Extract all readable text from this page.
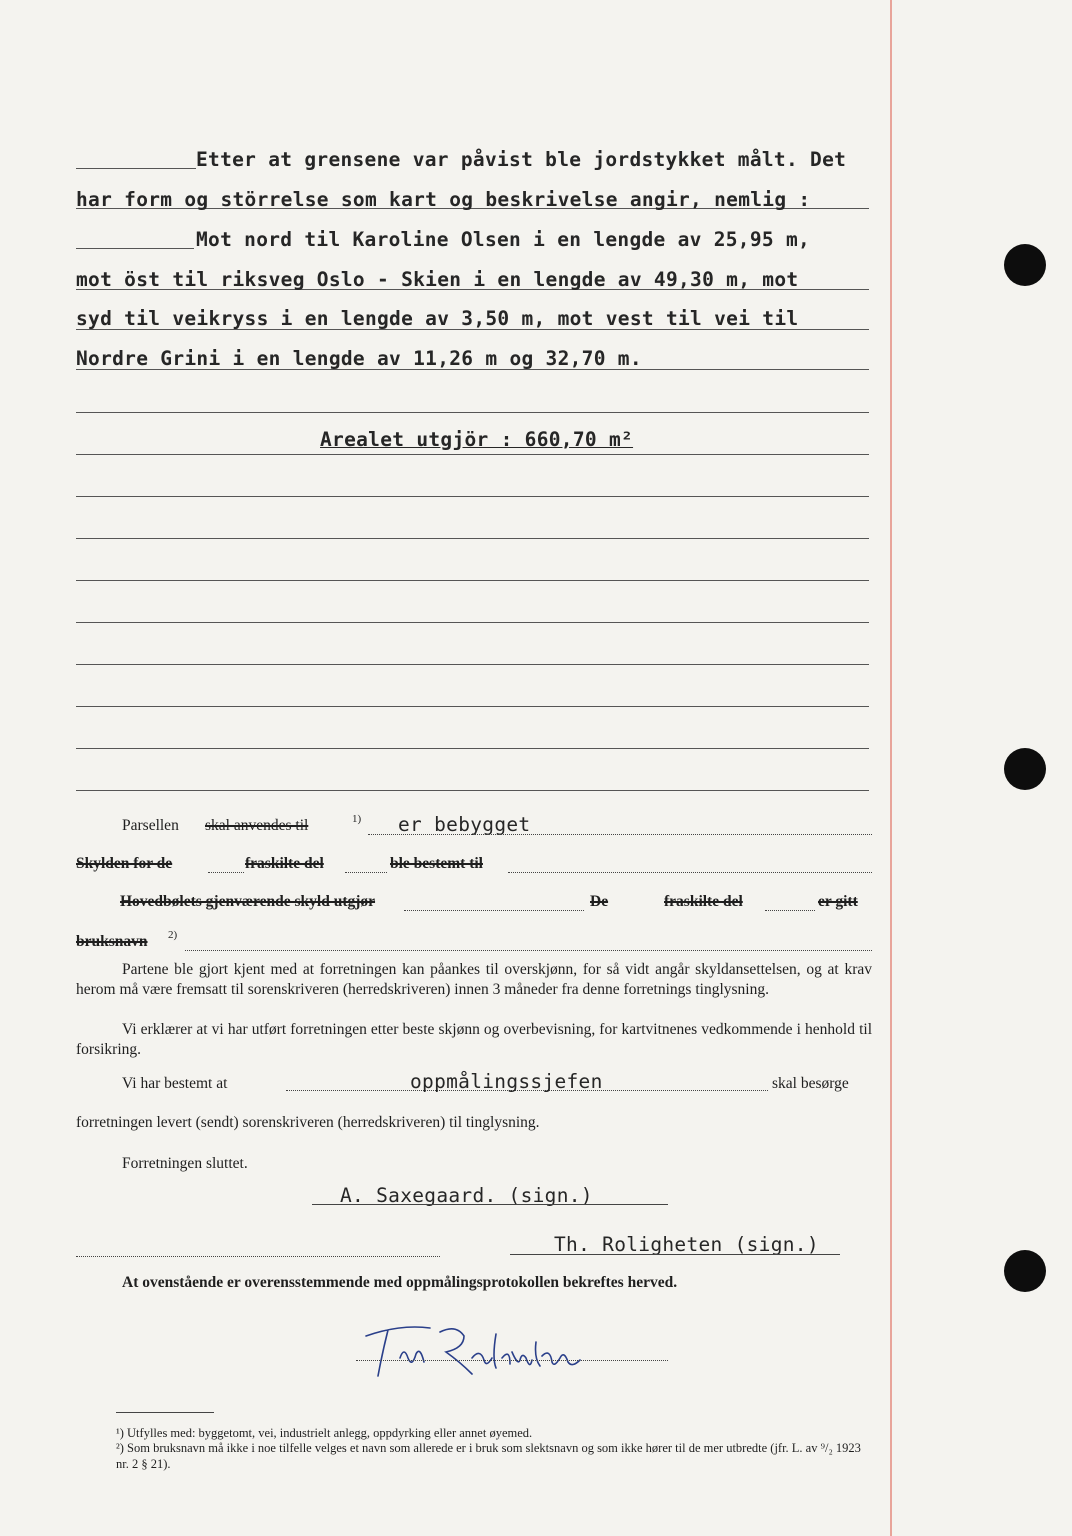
Etter at grensene var påvist ble jordstykket målt. Det
har form og störrelse som kart og beskrivelse angir, nemlig :
Mot nord til Karoline Olsen i en lengde av 25,95 m,
mot öst til riksveg Oslo - Skien i en lengde av 49,30 m, mot
syd til veikryss i en lengde av 3,50 m, mot vest til vei til
Nordre Grini i en lengde av 11,26 m og 32,70 m.
Arealet utgjör : 660,70 m²
Parsellen skal anvendes til	1) er bebygget
Skylden for de	fraskilte del	ble bestemt til
Hovedbølets gjenværende skyld utgjør	De	fraskilte del	er gitt
bruksnavn 2)
Partene ble gjort kjent med at forretningen kan påankes til overskjønn, for så vidt angår skyldansettelsen, og at krav herom må være fremsatt til sorenskriveren (herredskriveren) innen 3 måneder fra denne forretnings tinglysning.
Vi erklærer at vi har utført forretningen etter beste skjønn og overbevisning, for kartvitnenes vedkommende i henhold til forsikring.
Vi har bestemt at	oppmålingssjefen	skal besørge
forretningen levert (sendt) sorenskriveren (herredskriveren) til tinglysning.
Forretningen sluttet.
A. Saxegaard. (sign.)
Th. Roligheten (sign.)
At ovenstående er overensstemmende med oppmålingsprotokollen bekreftes herved.
¹) Utfylles med: byggetomt, vei, industrielt anlegg, oppdyrking eller annet øyemed.
²) Som bruksnavn må ikke i noe tilfelle velges et navn som allerede er i bruk som slektsnavn og som ikke hører til de mer utbredte (jfr. L. av ⁹/₂ 1923 nr. 2 § 21).
